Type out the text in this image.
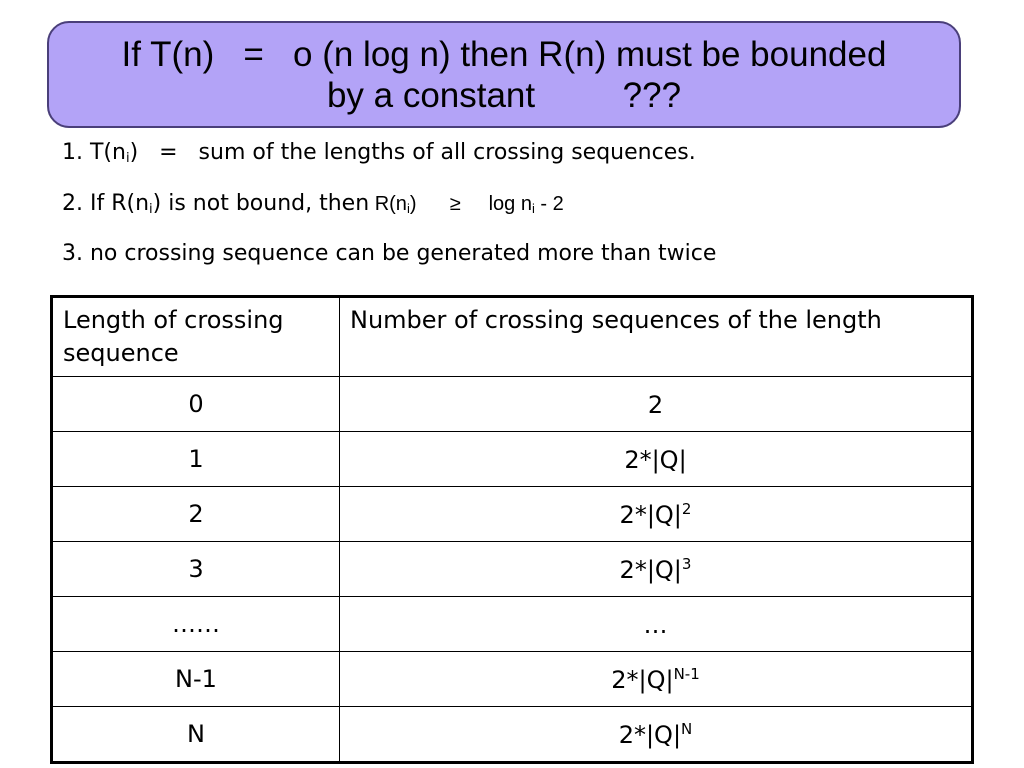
If T(n)   =   o (n log n) then R(n) must be bounded
by a constant         ???
1. $T(n_i)$   =   sum of the lengths of all crossing sequences.
2. If $R(n_i)$ is not bound, then $R(n_i)$      ≥     $\log n_i - 2$
3. no crossing sequence can be generated more than twice
Length of crossing sequence	Number of crossing sequences of the length
0	2
1	2*|Q|
2	$2*|Q|^2$
3	$2*|Q|^3$
……	…
N-1	$2*|Q|^{N-1}$
N	$2*|Q|^N$
